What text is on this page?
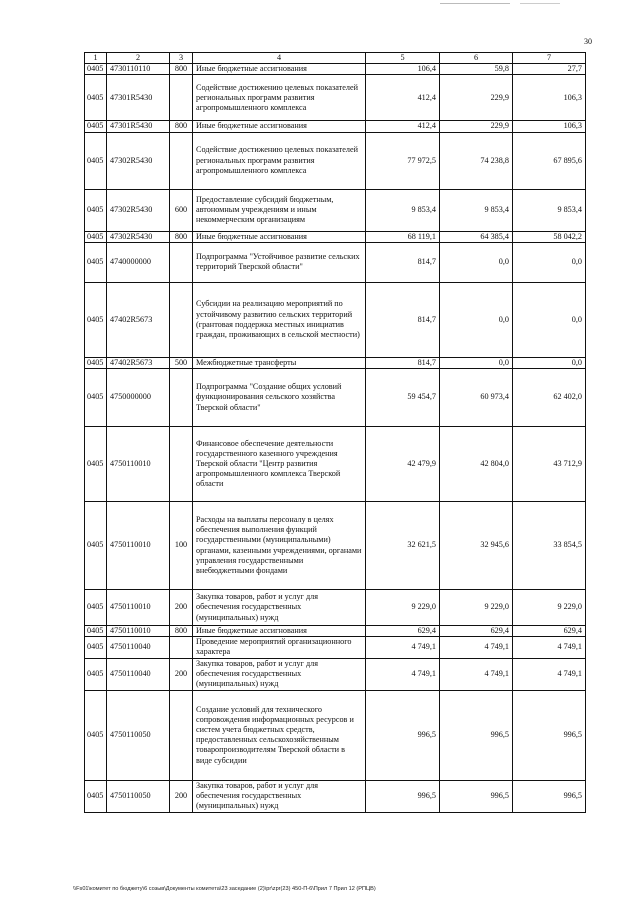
30
1	2	3	4	5	6	7
0405	4730110110	800	Иные бюджетные ассигнования	106,4	59,8	27,7
0405	47301R5430		Содействие достижению целевых показателей региональных программ развития агропромышленного комплекса	412,4	229,9	106,3
0405	47301R5430	800	Иные бюджетные ассигнования	412,4	229,9	106,3
0405	47302R5430		Содействие достижению целевых показателей региональных программ развития агропромышленного комплекса	77 972,5	74 238,8	67 895,6
0405	47302R5430	600	Предоставление субсидий бюджетным, автономным учреждениям и иным некоммерческим организациям	9 853,4	9 853,4	9 853,4
0405	47302R5430	800	Иные бюджетные ассигнования	68 119,1	64 385,4	58 042,2
0405	4740000000		Подпрограмма "Устойчивое развитие сельских территорий Тверской области"	814,7	0,0	0,0
0405	47402R5673		Субсидии на реализацию мероприятий по устойчивому развитию сельских территорий (грантовая поддержка местных инициатив граждан, проживающих в сельской местности)	814,7	0,0	0,0
0405	47402R5673	500	Межбюджетные трансферты	814,7	0,0	0,0
0405	4750000000		Подпрограмма "Создание общих условий функционирования сельского хозяйства Тверской области"	59 454,7	60 973,4	62 402,0
0405	4750110010		Финансовое обеспечение деятельности государственного казенного учреждения Тверской области "Центр развития агропромышленного комплекса Тверской области	42 479,9	42 804,0	43 712,9
0405	4750110010	100	Расходы на выплаты персоналу в целях обеспечения выполнения функций государственными (муниципальными) органами, казенными учреждениями, органами управления государственными внебюджетными фондами	32 621,5	32 945,6	33 854,5
0405	4750110010	200	Закупка товаров, работ и услуг для обеспечения государственных (муниципальных) нужд	9 229,0	9 229,0	9 229,0
0405	4750110010	800	Иные бюджетные ассигнования	629,4	629,4	629,4
0405	4750110040		Проведение мероприятий организационного характера	4 749,1	4 749,1	4 749,1
0405	4750110040	200	Закупка товаров, работ и услуг для обеспечения государственных (муниципальных) нужд	4 749,1	4 749,1	4 749,1
0405	4750110050		Создание условий для технического сопровождения информационных ресурсов и систем учета бюджетных средств, предоставленных сельскохозяйственным товаропроизводителям Тверской области в виде субсидии	996,5	996,5	996,5
0405	4750110050	200	Закупка товаров, работ и услуг для обеспечения государственных (муниципальных) нужд	996,5	996,5	996,5
\\Fs01\комитет по бюджету\6 созыв\Документы комитета\23 заседание (2)\pr\zpr(23) 450-П-6\Прил 7 Прил 12 (РПЦВ)
